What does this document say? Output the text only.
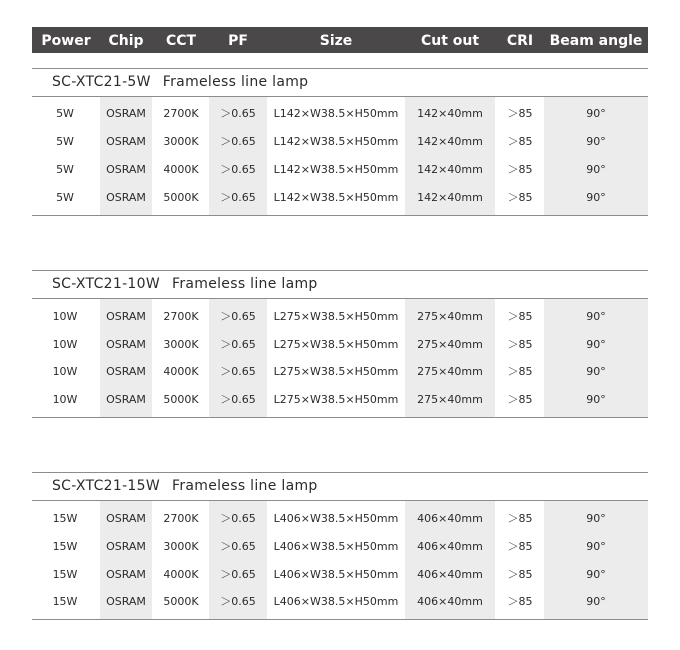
Power	Chip	CCT	PF	Size	Cut out	CRI	Beam angle
SC-XTC21-5W Frameless line lamp
5W	OSRAM	2700K	＞0.65	L142×W38.5×H50mm	142×40mm	＞85	90°
5W	OSRAM	3000K	＞0.65	L142×W38.5×H50mm	142×40mm	＞85	90°
5W	OSRAM	4000K	＞0.65	L142×W38.5×H50mm	142×40mm	＞85	90°
5W	OSRAM	5000K	＞0.65	L142×W38.5×H50mm	142×40mm	＞85	90°
SC-XTC21-10W Frameless line lamp
10W	OSRAM	2700K	＞0.65	L275×W38.5×H50mm	275×40mm	＞85	90°
10W	OSRAM	3000K	＞0.65	L275×W38.5×H50mm	275×40mm	＞85	90°
10W	OSRAM	4000K	＞0.65	L275×W38.5×H50mm	275×40mm	＞85	90°
10W	OSRAM	5000K	＞0.65	L275×W38.5×H50mm	275×40mm	＞85	90°
SC-XTC21-15W Frameless line lamp
15W	OSRAM	2700K	＞0.65	L406×W38.5×H50mm	406×40mm	＞85	90°
15W	OSRAM	3000K	＞0.65	L406×W38.5×H50mm	406×40mm	＞85	90°
15W	OSRAM	4000K	＞0.65	L406×W38.5×H50mm	406×40mm	＞85	90°
15W	OSRAM	5000K	＞0.65	L406×W38.5×H50mm	406×40mm	＞85	90°
